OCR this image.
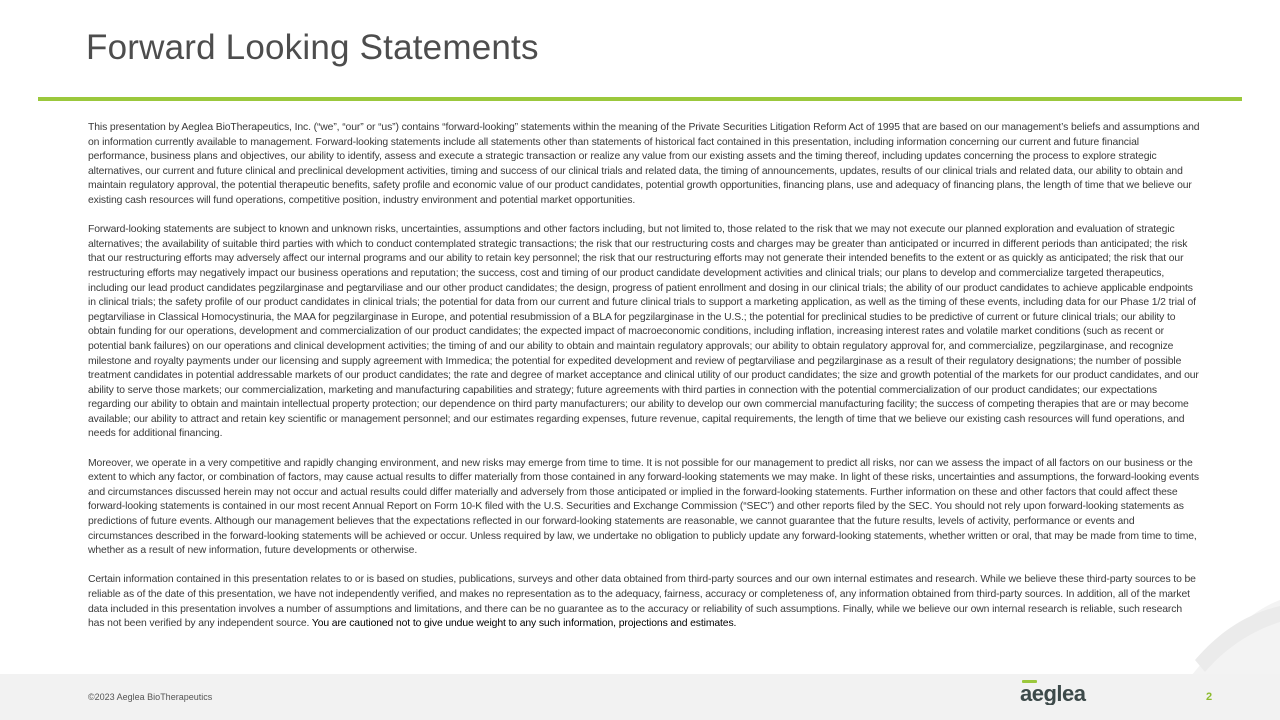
Forward Looking Statements

This presentation by Aeglea BioTherapeutics, Inc. (“we”, “our” or “us”) contains “forward-looking” statements within the meaning of the Private Securities Litigation Reform Act of 1995 that are based on our management’s beliefs and assumptions and on information currently available to management. Forward-looking statements include all statements other than statements of historical fact contained in this presentation, including information concerning our current and future financial performance, business plans and objectives, our ability to identify, assess and execute a strategic transaction or realize any value from our existing assets and the timing thereof, including updates concerning the process to explore strategic alternatives, our current and future clinical and preclinical development activities, timing and success of our clinical trials and related data, the timing of announcements, updates, results of our clinical trials and related data, our ability to obtain and maintain regulatory approval, the potential therapeutic benefits, safety profile and economic value of our product candidates, potential growth opportunities, financing plans, use and adequacy of financing plans, the length of time that we believe our existing cash resources will fund operations, competitive position, industry environment and potential market opportunities.

Forward-looking statements are subject to known and unknown risks, uncertainties, assumptions and other factors including, but not limited to, those related to the risk that we may not execute our planned exploration and evaluation of strategic alternatives; the availability of suitable third parties with which to conduct contemplated strategic transactions; the risk that our restructuring costs and charges may be greater than anticipated or incurred in different periods than anticipated; the risk that our restructuring efforts may adversely affect our internal programs and our ability to retain key personnel; the risk that our restructuring efforts may not generate their intended benefits to the extent or as quickly as anticipated; the risk that our restructuring efforts may negatively impact our business operations and reputation; the success, cost and timing of our product candidate development activities and clinical trials; our plans to develop and commercialize targeted therapeutics, including our lead product candidates pegzilarginase and pegtarviliase and our other product candidates; the design, progress of patient enrollment and dosing in our clinical trials; the ability of our product candidates to achieve applicable endpoints in clinical trials; the safety profile of our product candidates in clinical trials; the potential for data from our current and future clinical trials to support a marketing application, as well as the timing of these events, including data for our Phase 1/2 trial of pegtarviliase in Classical Homocystinuria, the MAA for pegzilarginase in Europe, and potential resubmission of a BLA for pegzilarginase in the U.S.; the potential for preclinical studies to be predictive of current or future clinical trials; our ability to obtain funding for our operations, development and commercialization of our product candidates; the expected impact of macroeconomic conditions, including inflation, increasing interest rates and volatile market conditions (such as recent or potential bank failures) on our operations and clinical development activities; the timing of and our ability to obtain and maintain regulatory approvals; our ability to obtain regulatory approval for, and commercialize, pegzilarginase, and recognize milestone and royalty payments under our licensing and supply agreement with Immedica; the potential for expedited development and review of pegtarviliase and pegzilarginase as a result of their regulatory designations; the number of possible treatment candidates in potential addressable markets of our product candidates; the rate and degree of market acceptance and clinical utility of our product candidates; the size and growth potential of the markets for our product candidates, and our ability to serve those markets; our commercialization, marketing and manufacturing capabilities and strategy; future agreements with third parties in connection with the potential commercialization of our product candidates; our expectations regarding our ability to obtain and maintain intellectual property protection; our dependence on third party manufacturers; our ability to develop our own commercial manufacturing facility; the success of competing therapies that are or may become available; our ability to attract and retain key scientific or management personnel; and our estimates regarding expenses, future revenue, capital requirements, the length of time that we believe our existing cash resources will fund operations, and needs for additional financing.

Moreover, we operate in a very competitive and rapidly changing environment, and new risks may emerge from time to time. It is not possible for our management to predict all risks, nor can we assess the impact of all factors on our business or the extent to which any factor, or combination of factors, may cause actual results to differ materially from those contained in any forward-looking statements we may make. In light of these risks, uncertainties and assumptions, the forward-looking events and circumstances discussed herein may not occur and actual results could differ materially and adversely from those anticipated or implied in the forward-looking statements. Further information on these and other factors that could affect these forward-looking statements is contained in our most recent Annual Report on Form 10-K filed with the U.S. Securities and Exchange Commission (“SEC”) and other reports filed by the SEC. You should not rely upon forward-looking statements as predictions of future events. Although our management believes that the expectations reflected in our forward-looking statements are reasonable, we cannot guarantee that the future results, levels of activity, performance or events and circumstances described in the forward-looking statements will be achieved or occur. Unless required by law, we undertake no obligation to publicly update any forward-looking statements, whether written or oral, that may be made from time to time, whether as a result of new information, future developments or otherwise.

Certain information contained in this presentation relates to or is based on studies, publications, surveys and other data obtained from third-party sources and our own internal estimates and research. While we believe these third-party sources to be reliable as of the date of this presentation, we have not independently verified, and makes no representation as to the adequacy, fairness, accuracy or completeness of, any information obtained from third-party sources. In addition, all of the market data included in this presentation involves a number of assumptions and limitations, and there can be no guarantee as to the accuracy or reliability of such assumptions. Finally, while we believe our own internal research is reliable, such research has not been verified by any independent source. You are cautioned not to give undue weight to any such information, projections and estimates.

©2023 Aeglea BioTherapeutics	aeglea	2
